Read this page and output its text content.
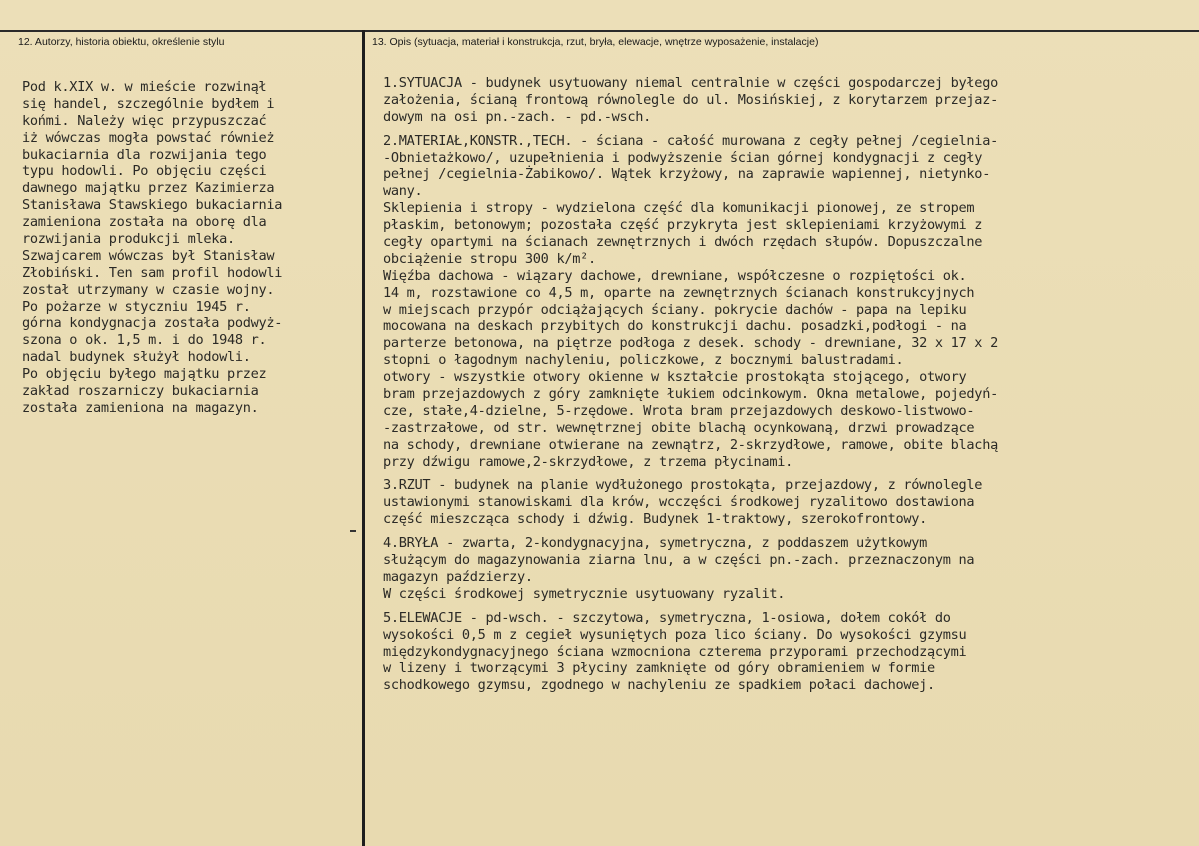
12. Autorzy, historia obiektu, określenie stylu	13. Opis (sytuacja, materiał i konstrukcja, rzut, bryła, elewacje, wnętrze wyposażenie, instalacje)
Pod k.XIX w. w mieście rozwinął
się handel, szczególnie bydłem i
końmi. Należy więc przypuszczać
iż wówczas mogła powstać również
bukaciarnia dla rozwijania tego
typu hodowli. Po objęciu części
dawnego majątku przez Kazimierza
Stanisława Stawskiego bukaciarnia
zamieniona została na oborę dla
rozwijania produkcji mleka.
Szwajcarem wówczas był Stanisław
Złobiński. Ten sam profil hodowli
został utrzymany w czasie wojny.
Po pożarze w styczniu 1945 r.
górna kondygnacja została podwyż-
szona o ok. 1,5 m. i do 1948 r.
nadal budynek służył hodowli.
Po objęciu byłego majątku przez
zakład roszarniczy bukaciarnia
została zamieniona na magazyn.
1.SYTUACJA - budynek usytuowany niemal centralnie w części gospodarczej byłego
założenia, ścianą frontową równolegle do ul. Mosińskiej, z korytarzem przejaz-
dowym na osi pn.-zach. - pd.-wsch.
2.MATERIAŁ,KONSTR.,TECH. - ściana - całość murowana z cegły pełnej /cegielnia-
-Obnietażkowo/, uzupełnienia i podwyższenie ścian górnej kondygnacji z cegły
pełnej /cegielnia-Żabikowo/. Wątek krzyżowy, na zaprawie wapiennej, nietynko-
wany.
Sklepienia i stropy - wydzielona część dla komunikacji pionowej, ze stropem
płaskim, betonowym; pozostała część przykryta jest sklepieniami krzyżowymi z
cegły opartymi na ścianach zewnętrznych i dwóch rzędach słupów. Dopuszczalne
obciążenie stropu 300 k/m².
Więźba dachowa - wiązary dachowe, drewniane, współczesne o rozpiętości ok.
14 m, rozstawione co 4,5 m, oparte na zewnętrznych ścianach konstrukcyjnych
w miejscach przypór odciążających ściany. pokrycie dachów - papa na lepiku
mocowana na deskach przybitych do konstrukcji dachu. posadzki,podłogi - na
parterze betonowa, na piętrze podłoga z desek. schody - drewniane, 32 x 17 x 2
stopni o łagodnym nachyleniu, policzkowe, z bocznymi balustradami.
otwory - wszystkie otwory okienne w kształcie prostokąta stojącego, otwory
bram przejazdowych z góry zamknięte łukiem odcinkowym. Okna metalowe, pojedyń-
cze, stałe,4-dzielne, 5-rzędowe. Wrota bram przejazdowych deskowo-listwowo-
-zastrzałowe, od str. wewnętrznej obite blachą ocynkowaną, drzwi prowadzące
na schody, drewniane otwierane na zewnątrz, 2-skrzydłowe, ramowe, obite blachą
przy dźwigu ramowe,2-skrzydłowe, z trzema płycinami.
3.RZUT - budynek na planie wydłużonego prostokąta, przejazdowy, z równolegle
ustawionymi stanowiskami dla krów, wcczęści środkowej ryzalitowo dostawiona
część mieszcząca schody i dźwig. Budynek 1-traktowy, szerokofrontowy.
4.BRYŁA - zwarta, 2-kondygnacyjna, symetryczna, z poddaszem użytkowym
służącym do magazynowania ziarna lnu, a w części pn.-zach. przeznaczonym na
magazyn paździerzy.
W części środkowej symetrycznie usytuowany ryzalit.
5.ELEWACJE - pd-wsch. - szczytowa, symetryczna, 1-osiowa, dołem cokół do
wysokości 0,5 m z cegieł wysuniętych poza lico ściany. Do wysokości gzymsu
międzykondygnacyjnego ściana wzmocniona czterema przyporami przechodzącymi
w lizeny i tworzącymi 3 płyciny zamknięte od góry obramieniem w formie
schodkowego gzymsu, zgodnego w nachyleniu ze spadkiem połaci dachowej.
